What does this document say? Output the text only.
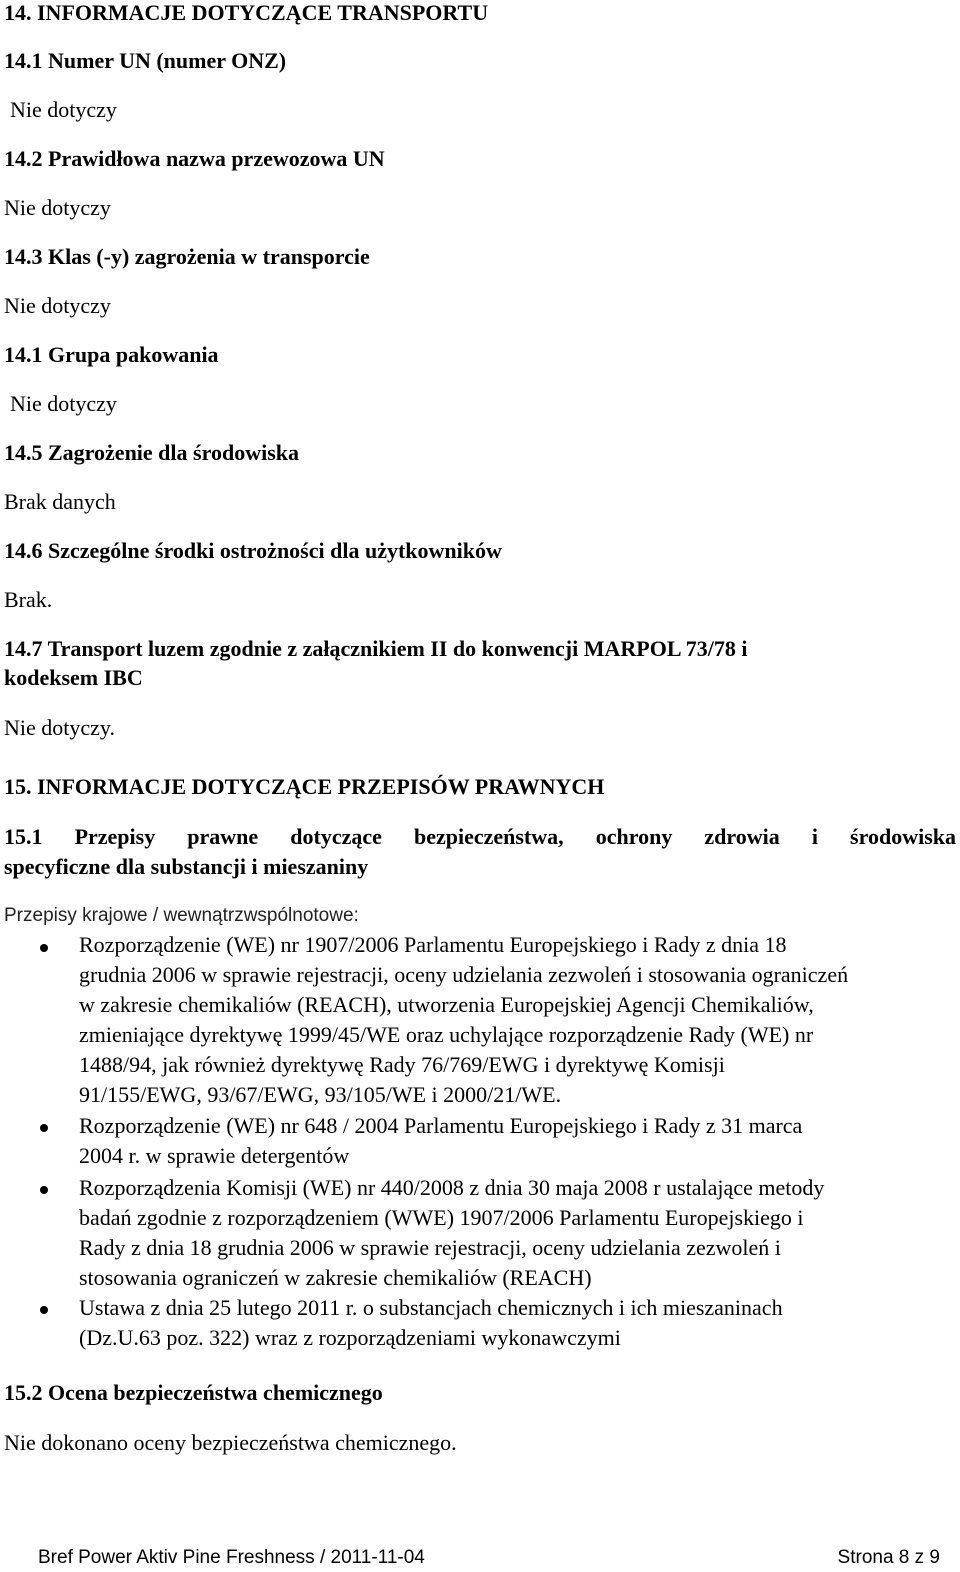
14. INFORMACJE DOTYCZĄCE TRANSPORTU

14.1 Numer UN (numer ONZ)

Nie dotyczy

14.2 Prawidłowa nazwa przewozowa UN

Nie dotyczy

14.3 Klas (-y) zagrożenia w transporcie

Nie dotyczy

14.1 Grupa pakowania

Nie dotyczy

14.5 Zagrożenie dla środowiska

Brak danych

14.6 Szczególne środki ostrożności dla użytkowników

Brak.

14.7 Transport luzem zgodnie z załącznikiem II do konwencji MARPOL 73/78 i

kodeksem IBC

Nie dotyczy.

15. INFORMACJE DOTYCZĄCE PRZEPISÓW PRAWNYCH

15.1 Przepisy prawne dotyczące bezpieczeństwa, ochrony zdrowia i środowiska

specyficzne dla substancji i mieszaniny

Przepisy krajowe / wewnątrzwspólnotowe:

Rozporządzenie (WE) nr 1907/2006 Parlamentu Europejskiego i Rady z dnia 18
grudnia 2006 w sprawie rejestracji, oceny udzielania zezwoleń i stosowania ograniczeń
w zakresie chemikaliów (REACH), utworzenia Europejskiej Agencji Chemikaliów,
zmieniające dyrektywę 1999/45/WE oraz uchylające rozporządzenie Rady (WE) nr
1488/94, jak również dyrektywę Rady 76/769/EWG i dyrektywę Komisji
91/155/EWG, 93/67/EWG, 93/105/WE i 2000/21/WE.

Rozporządzenie (WE) nr 648 / 2004 Parlamentu Europejskiego i Rady z 31 marca
2004 r. w sprawie detergentów

Rozporządzenia Komisji (WE) nr 440/2008 z dnia 30 maja 2008 r ustalające metody
badań zgodnie z rozporządzeniem (WWE) 1907/2006 Parlamentu Europejskiego i
Rady z dnia 18 grudnia 2006 w sprawie rejestracji, oceny udzielania zezwoleń i
stosowania ograniczeń w zakresie chemikaliów (REACH)

Ustawa z dnia 25 lutego 2011 r. o substancjach chemicznych i ich mieszaninach
(Dz.U.63 poz. 322) wraz z rozporządzeniami wykonawczymi

15.2 Ocena bezpieczeństwa chemicznego

Nie dokonano oceny bezpieczeństwa chemicznego.

Bref Power Aktiv Pine Freshness / 2011-11-04	Strona 8 z 9
